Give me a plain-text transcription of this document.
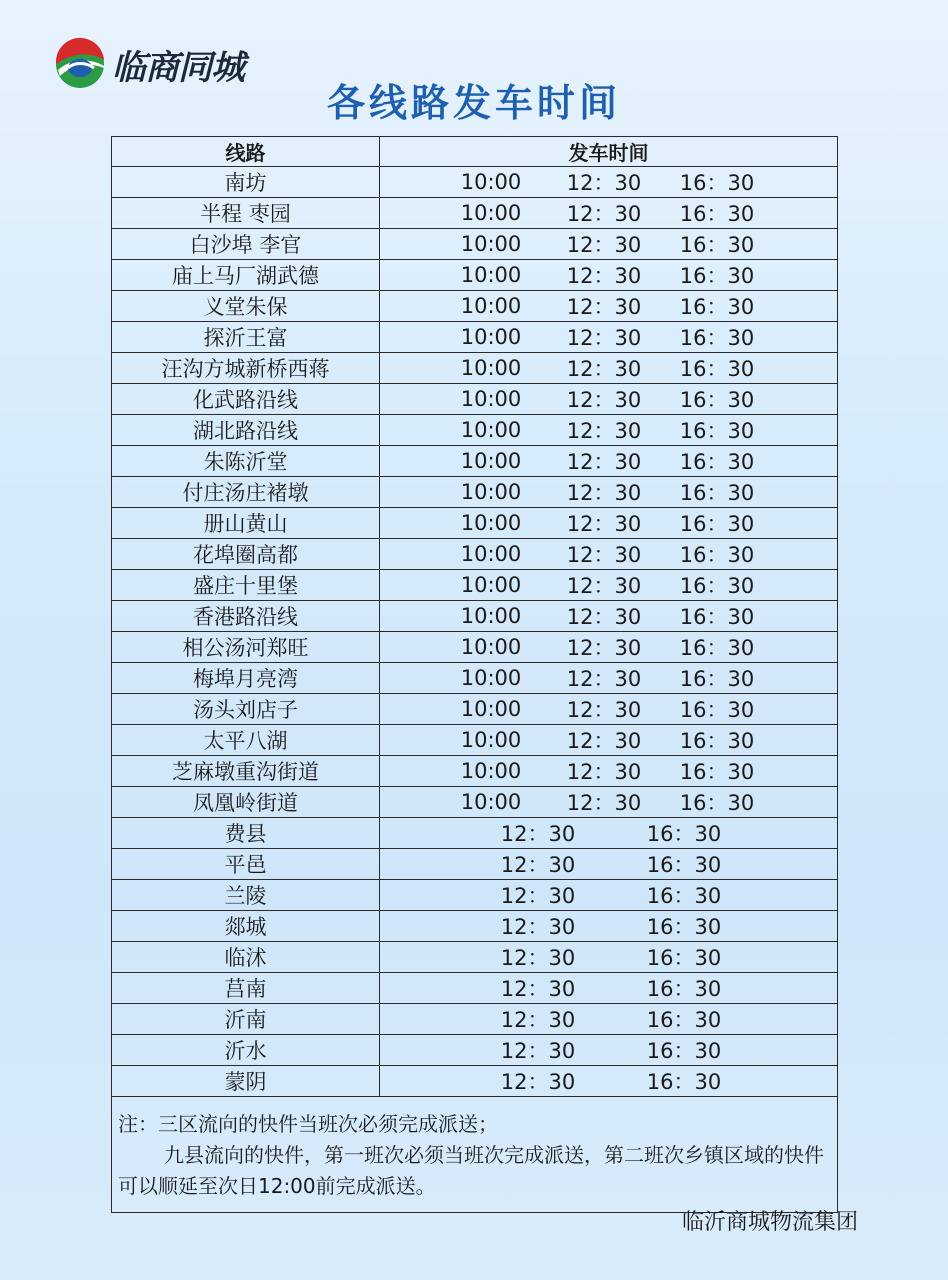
临商同城
各线路发车时间
线路	发车时间
南坊	10:00 12：30 16：30

半程 枣园	10:00 12：30 16：30

白沙埠 李官	10:00 12：30 16：30

庙上马厂湖武德	10:00 12：30 16：30

义堂朱保	10:00 12：30 16：30

探沂王富	10:00 12：30 16：30

汪沟方城新桥西蒋	10:00 12：30 16：30

化武路沿线	10:00 12：30 16：30

湖北路沿线	10:00 12：30 16：30

朱陈沂堂	10:00 12：30 16：30

付庄汤庄褚墩	10:00 12：30 16：30

册山黄山	10:00 12：30 16：30

花埠圈高都	10:00 12：30 16：30

盛庄十里堡	10:00 12：30 16：30

香港路沿线	10:00 12：30 16：30

相公汤河郑旺	10:00 12：30 16：30

梅埠月亮湾	10:00 12：30 16：30

汤头刘店子	10:00 12：30 16：30

太平八湖	10:00 12：30 16：30

芝麻墩重沟街道	10:00 12：30 16：30

凤凰岭街道	10:00 12：30 16：30

费县	12：30 16：30

平邑	12：30 16：30

兰陵	12：30 16：30

郯城	12：30 16：30

临沭	12：30 16：30

莒南	12：30 16：30

沂南	12：30 16：30

沂水	12：30 16：30

蒙阴	12：30 16：30

注：三区流向的快件当班次必须完成派送；
九县流向的快件，第一班次必须当班次完成派送，第二班次乡镇区域的快件可以顺延至次日12:00前完成派送。	
临沂商城物流集团
